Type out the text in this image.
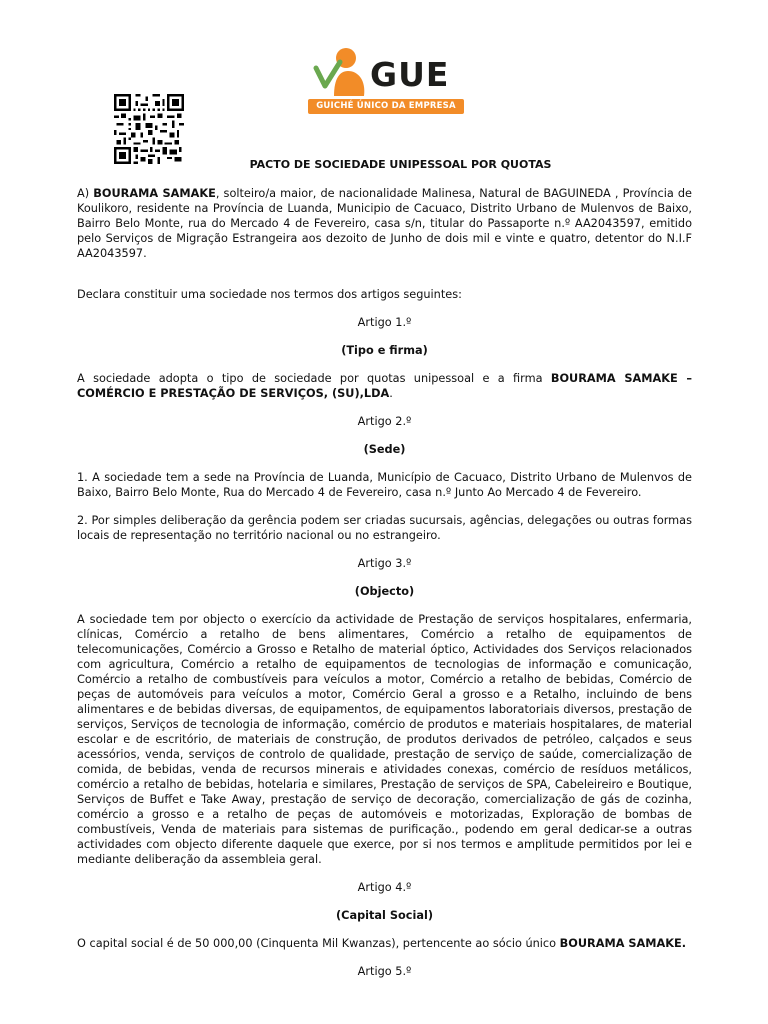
GUE
GUICHÉ ÚNICO DA EMPRESA
PACTO DE SOCIEDADE UNIPESSOAL POR QUOTAS

A) BOURAMA SAMAKE, solteiro/a maior, de nacionalidade Malinesa, Natural de BAGUINEDA , Província de Koulikoro, residente na Província de Luanda, Municipio de Cacuaco, Distrito Urbano de Mulenvos de Baixo, Bairro Belo Monte, rua do Mercado 4 de Fevereiro, casa s/n, titular do Passaporte n.º AA2043597, emitido pelo Serviços de Migração Estrangeira aos dezoito de Junho de dois mil e vinte e quatro, detentor do N.I.F AA2043597.

Declara constituir uma sociedade nos termos dos artigos seguintes:

Artigo 1.º

(Tipo e firma)

A sociedade adopta o tipo de sociedade por quotas unipessoal e a firma BOURAMA SAMAKE – COMÉRCIO E PRESTAÇÃO DE SERVIÇOS, (SU),LDA.

Artigo 2.º

(Sede)

1. A sociedade tem a sede na Província de Luanda, Município de Cacuaco, Distrito Urbano de Mulenvos de Baixo, Bairro Belo Monte, Rua do Mercado 4 de Fevereiro, casa n.º Junto Ao Mercado 4 de Fevereiro.

2. Por simples deliberação da gerência podem ser criadas sucursais, agências, delegações ou outras formas locais de representação no território nacional ou no estrangeiro.

Artigo 3.º

(Objecto)

A sociedade tem por objecto o exercício da actividade de Prestação de serviços hospitalares, enfermaria, clínicas, Comércio a retalho de bens alimentares, Comércio a retalho de equipamentos de telecomunicações, Comércio a Grosso e Retalho de material óptico, Actividades dos Serviços relacionados com agricultura, Comércio a retalho de equipamentos de tecnologias de informação e comunicação, Comércio a retalho de combustíveis para veículos a motor, Comércio a retalho de bebidas, Comércio de peças de automóveis para veículos a motor, Comércio Geral a grosso e a Retalho, incluindo de bens alimentares e de bebidas diversas, de equipamentos, de equipamentos laboratoriais diversos, prestação de serviços, Serviços de tecnologia de informação, comércio de produtos e materiais hospitalares, de material escolar e de escritório, de materiais de construção, de produtos derivados de petróleo, calçados e seus acessórios, venda, serviços de controlo de qualidade, prestação de serviço de saúde, comercialização de comida, de bebidas, venda de recursos minerais e atividades conexas, comércio de resíduos metálicos, comércio a retalho de bebidas, hotelaria e similares, Prestação de serviços de SPA, Cabeleireiro e Boutique, Serviços de Buffet e Take Away, prestação de serviço de decoração, comercialização de gás de cozinha, comércio a grosso e a retalho de peças de automóveis e motorizadas, Exploração de bombas de combustíveis, Venda de materiais para sistemas de purificação., podendo em geral dedicar-se a outras actividades com objecto diferente daquele que exerce, por si nos termos e amplitude permitidos por lei e mediante deliberação da assembleia geral.

Artigo 4.º

(Capital Social)

O capital social é de 50 000,00 (Cinquenta Mil Kwanzas), pertencente ao sócio único BOURAMA SAMAKE.

Artigo 5.º
